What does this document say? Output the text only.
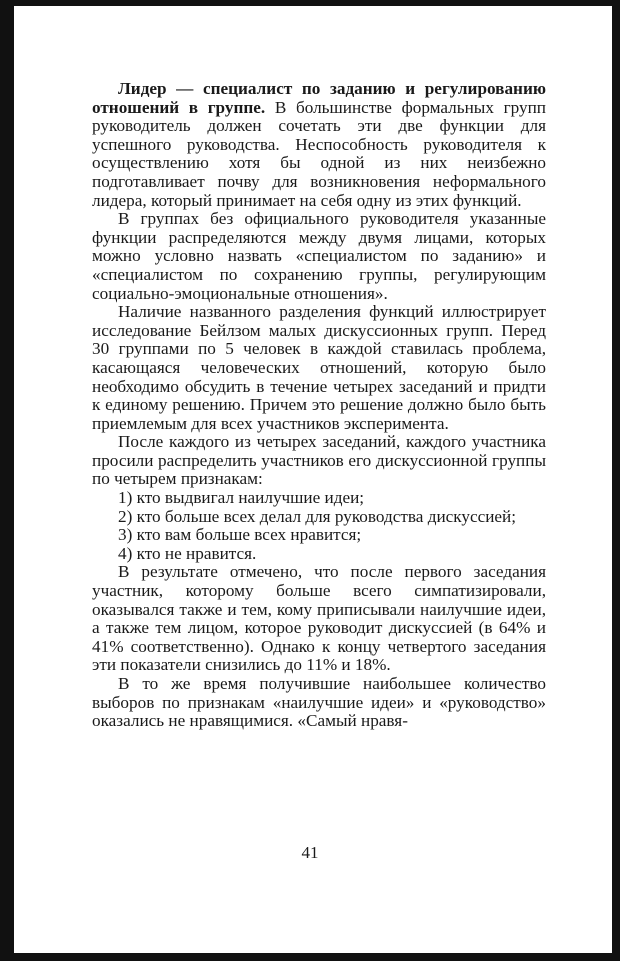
Лидер — специалист по заданию и регулированию отношений в группе. В большинстве формальных групп руководитель должен сочетать эти две функции для успешного руководства. Неспособность руководителя к осуществлению хотя бы одной из них неизбежно подготавливает почву для возникновения неформального лидера, который принимает на себя одну из этих функций.

В группах без официального руководителя указанные функции распределяются между двумя лицами, которых можно условно назвать «специалистом по заданию» и «специалистом по сохранению группы, регулирующим социально-эмоциональные отношения».

Наличие названного разделения функций иллюстрирует исследование Бейлзом малых дискуссионных групп. Перед 30 группами по 5 человек в каждой ставилась проблема, касающаяся человеческих отношений, которую было необходимо обсудить в течение четырех заседаний и придти к единому решению. Причем это решение должно было быть приемлемым для всех участников эксперимента.

После каждого из четырех заседаний, каждого участника просили распределить участников его дискуссионной группы по четырем признакам:

1) кто выдвигал наилучшие идеи;

2) кто больше всех делал для руководства дискуссией;

3) кто вам больше всех нравится;

4) кто не нравится.

В результате отмечено, что после первого заседания участник, которому больше всего симпатизировали, оказывался также и тем, кому приписывали наилучшие идеи, а также тем лицом, которое руководит дискуссией (в 64% и 41% соответственно). Однако к концу четвертого заседания эти показатели снизились до 11% и 18%.

В то же время получившие наибольшее количество выборов по признакам «наилучшие идеи» и «руководство» оказались не нравящимися. «Самый нравя-

41
